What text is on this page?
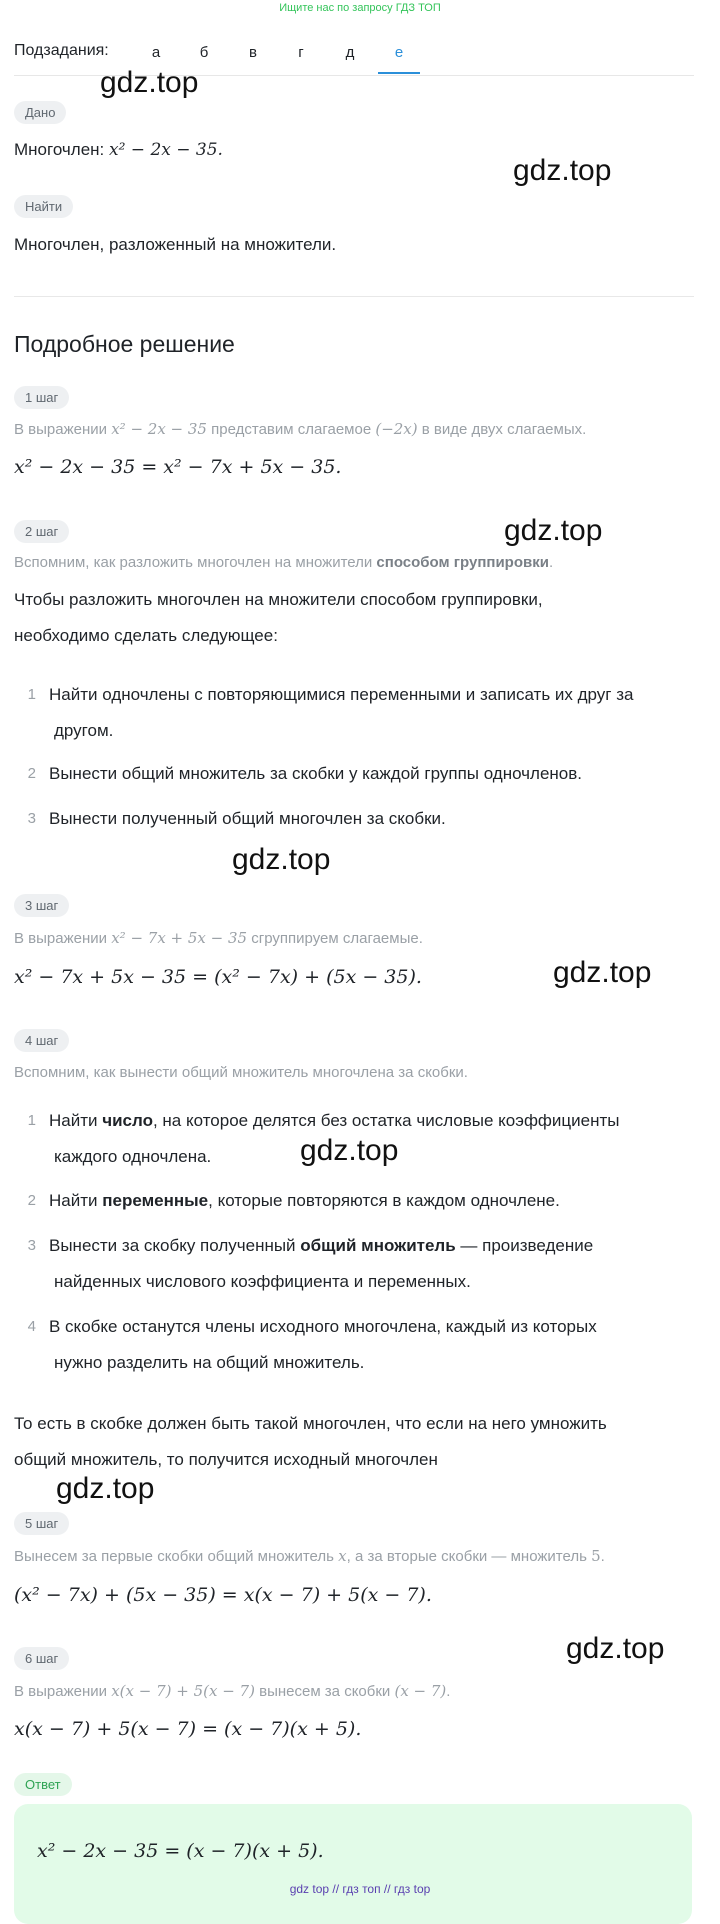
Ищите нас по запросу ГДЗ ТОП
Подзадания:	а	б	в	г	д	е
gdz.top
gdz.top
gdz.top
gdz.top
gdz.top
gdz.top
gdz.top
gdz.top
Дано
Многочлен: x² − 2x − 35.
Найти
Многочлен, разложенный на множители.
Подробное решение
1 шаг
В выражении x² − 2x − 35 представим слагаемое (−2x) в виде двух слагаемых.
x² − 2x − 35 = x² − 7x + 5x − 35.
2 шаг
Вспомним, как разложить многочлен на множители способом группировки.
Чтобы разложить многочлен на множители способом группировки,
необходимо сделать следующее:
1 Найти одночлены с повторяющимися переменными и записать их друг за
другом.
2 Вынести общий множитель за скобки у каждой группы одночленов.
3 Вынести полученный общий многочлен за скобки.
3 шаг
В выражении x² − 7x + 5x − 35 сгруппируем слагаемые.
x² − 7x + 5x − 35 = (x² − 7x) + (5x − 35).
4 шаг
Вспомним, как вынести общий множитель многочлена за скобки.
1 Найти число, на которое делятся без остатка числовые коэффициенты
каждого одночлена.
2 Найти переменные, которые повторяются в каждом одночлене.
3 Вынести за скобку полученный общий множитель — произведение
найденных числового коэффициента и переменных.
4 В скобке останутся члены исходного многочлена, каждый из которых
нужно разделить на общий множитель.
То есть в скобке должен быть такой многочлен, что если на него умножить
общий множитель, то получится исходный многочлен
5 шаг
Вынесем за первые скобки общий множитель x, а за вторые скобки — множитель 5.
(x² − 7x) + (5x − 35) = x(x − 7) + 5(x − 7).
6 шаг
В выражении x(x − 7) + 5(x − 7) вынесем за скобки (x − 7).
x(x − 7) + 5(x − 7) = (x − 7)(x + 5).
Ответ
x² − 2x − 35 = (x − 7)(x + 5).
gdz top // гдз топ // гдз top
